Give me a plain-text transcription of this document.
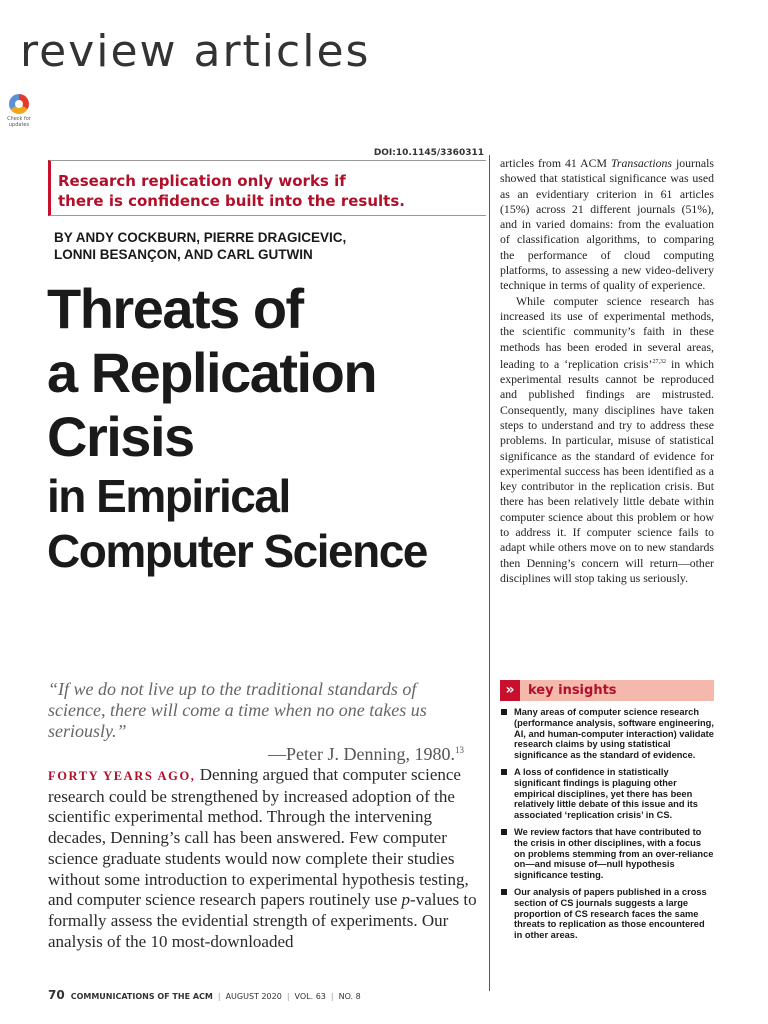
review articles
Check for updates
DOI:10.1145/3360311
Research replication only works if
there is confidence built into the results.
BY ANDY COCKBURN, PIERRE DRAGICEVIC,
LONNI BESANÇON, AND CARL GUTWIN
Threats of
a Replication
Crisis
in Empirical
Computer Science
“If we do not live up to the traditional standards of science, there will come a time when no one takes us seriously.”
—Peter J. Denning, 1980.13
FORTY YEARS AGO, Denning argued that computer science research could be strengthened by increased adoption of the scientific experimental method. Through the intervening decades, Denning’s call has been answered. Few computer science graduate students would now complete their studies without some introduction to experimental hypothesis testing, and computer science research papers routinely use p-values to formally assess the evidential strength of experiments. Our analysis of the 10 most-downloaded

articles from 41 ACM Transactions journals showed that statistical significance was used as an evidentiary criterion in 61 articles (15%) across 21 different journals (51%), and in varied domains: from the evaluation of classification algorithms, to comparing the performance of cloud computing platforms, to assessing a new video-delivery technique in terms of quality of experience.

While computer science research has increased its use of experimental methods, the scientific community’s faith in these methods has been eroded in several areas, leading to a ‘replication crisis’$^{27,32}$ in which experimental results cannot be reproduced and published findings are mistrusted. Consequently, many disciplines have taken steps to understand and try to address these problems. In particular, misuse of statistical significance as the standard of evidence for experimental success has been identified as a key contributor in the replication crisis. But there has been relatively little debate within computer science about this problem or how to address it. If computer science fails to adapt while others move on to new standards then Denning’s concern will return—other disciplines will stop taking us seriously.

»	key insights
Many areas of computer science research (performance analysis, software engineering, AI, and human-computer interaction) validate research claims by using statistical significance as the standard of evidence.
A loss of confidence in statistically significant findings is plaguing other empirical disciplines, yet there has been relatively little debate of this issue and its associated ‘replication crisis’ in CS.
We review factors that have contributed to the crisis in other disciplines, with a focus on problems stemming from an over-reliance on—and misuse of—null hypothesis significance testing.
Our analysis of papers published in a cross section of CS journals suggests a large proportion of CS research faces the same threats to replication as those encountered in other areas.
70 COMMUNICATIONS OF THE ACM | AUGUST 2020 | VOL. 63 | NO. 8
